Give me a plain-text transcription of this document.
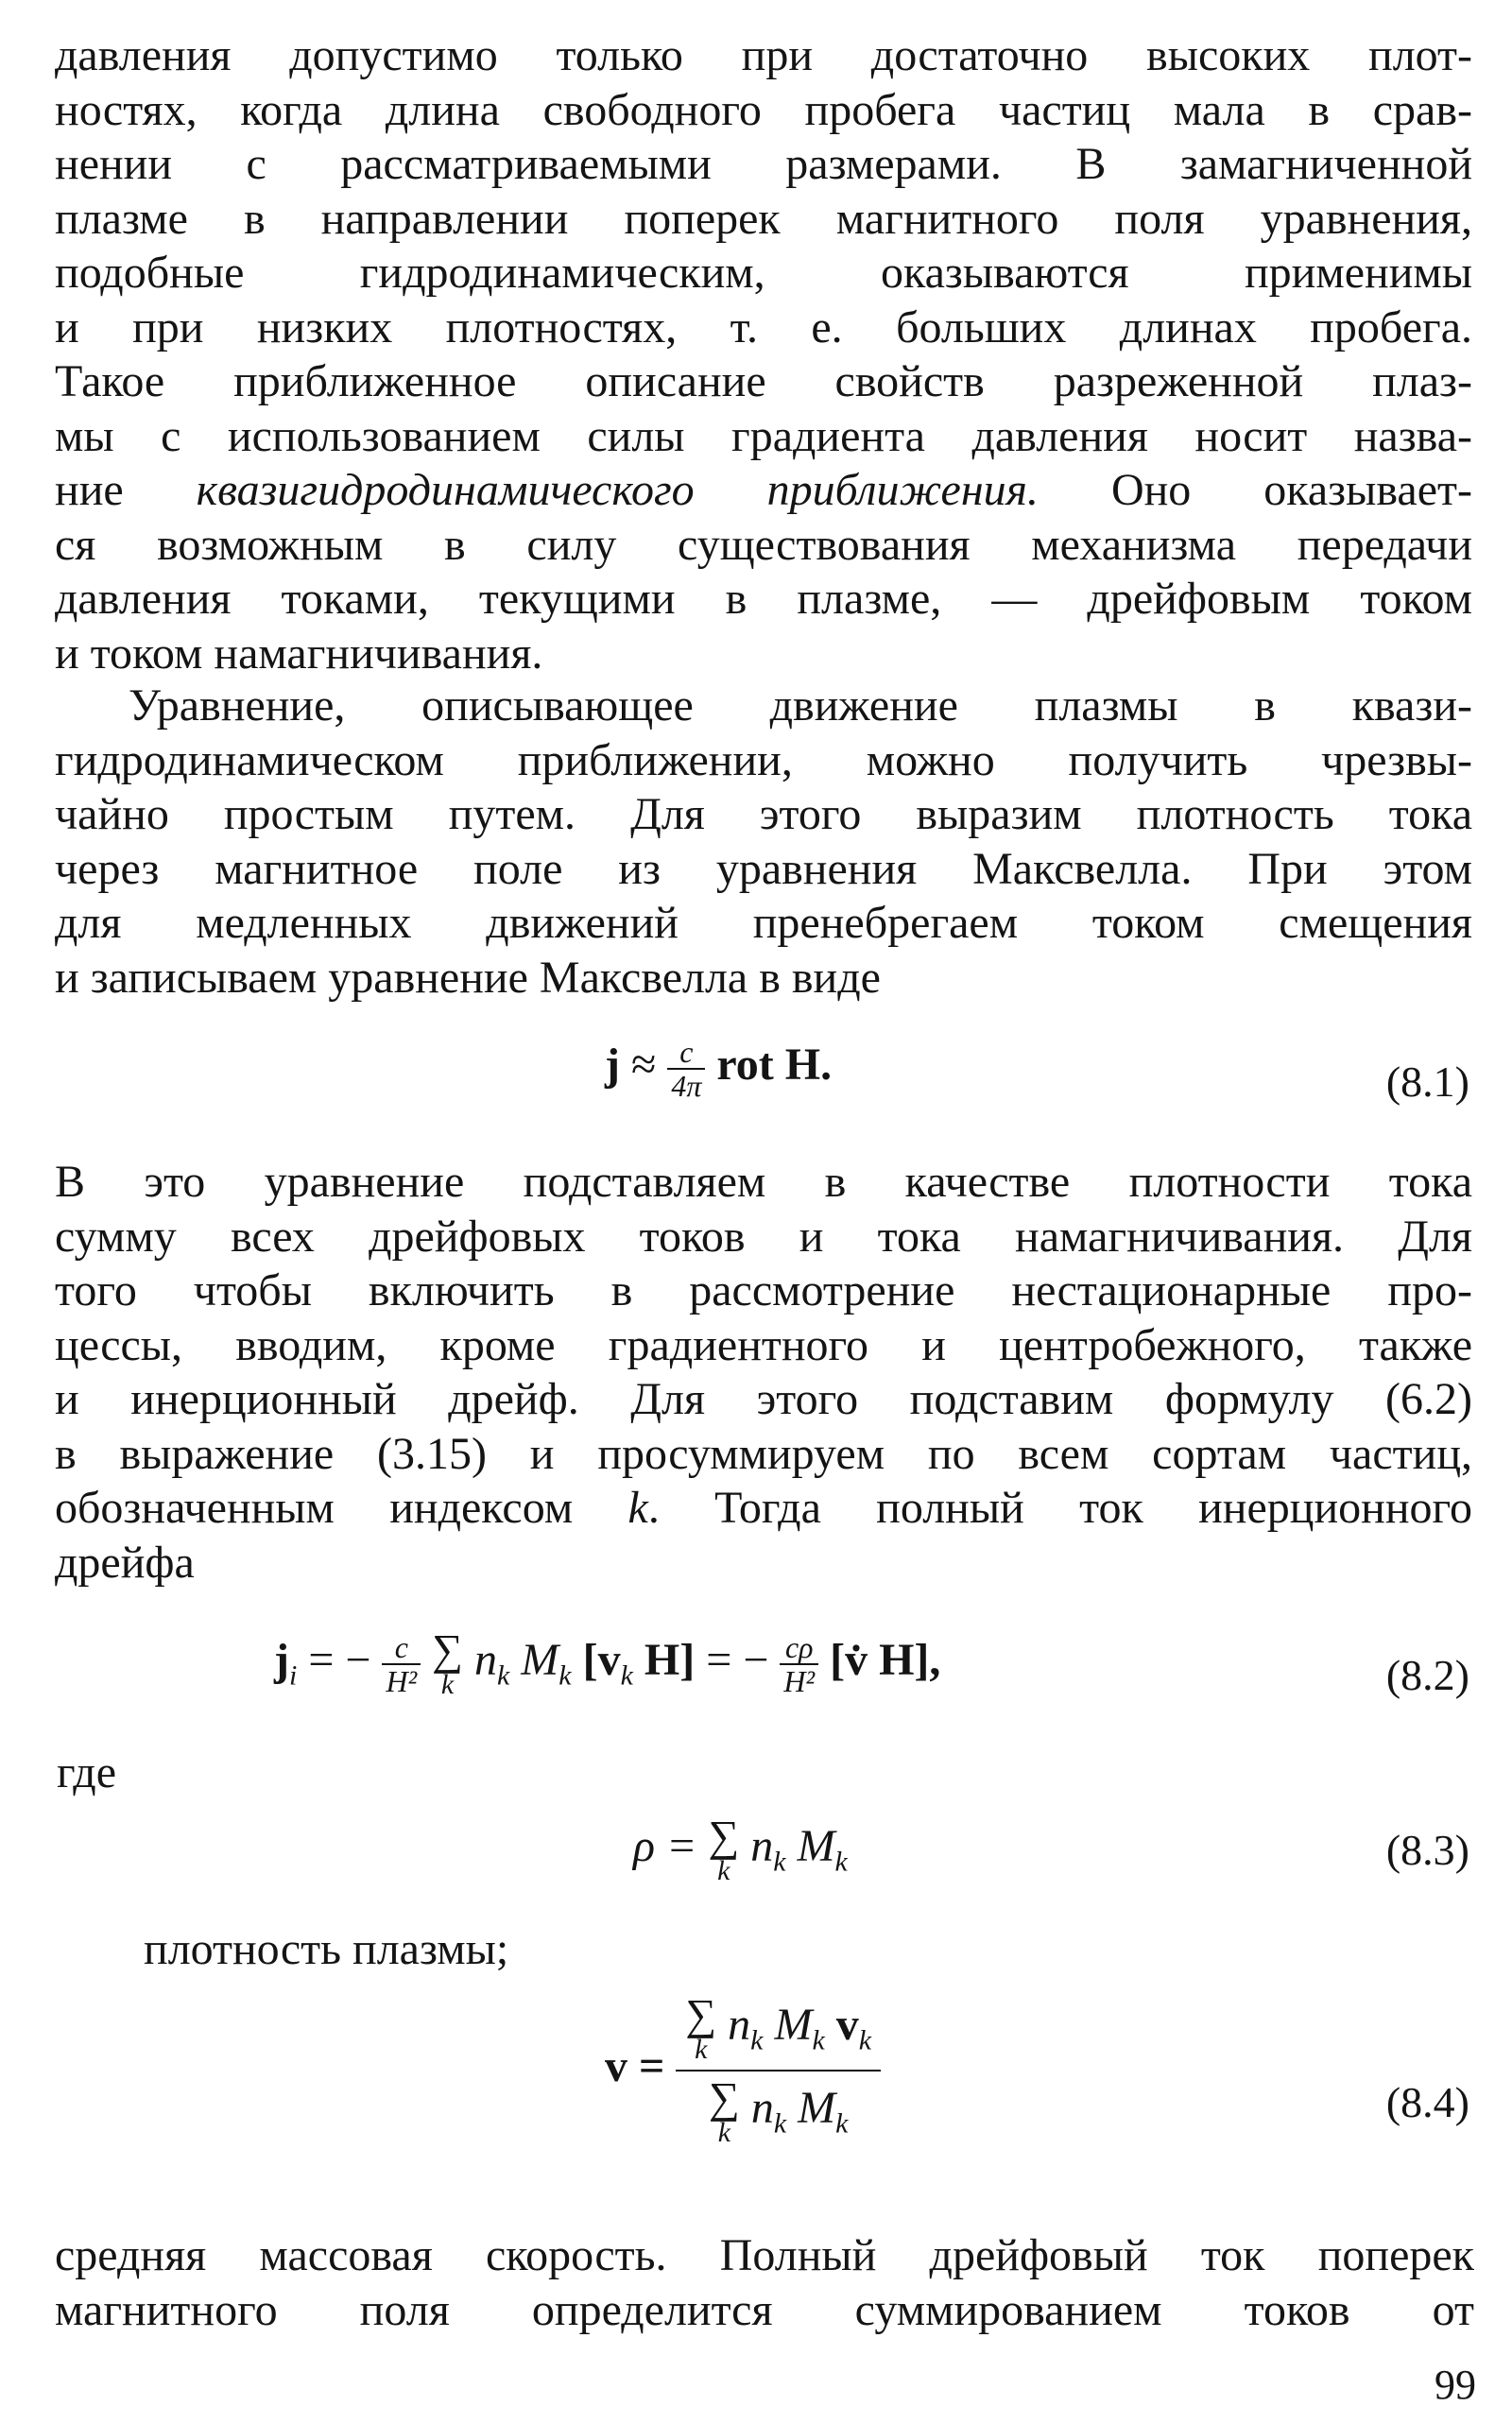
давления допустимо только при достаточно высоких плот-
ностях, когда длина свободного пробега частиц мала в срав-
нении с рассматриваемыми размерами. В замагниченной
плазме в направлении поперек магнитного поля уравнения,
подобные гидродинамическим, оказываются применимы
и при низких плотностях, т. е. больших длинах пробега.
Такое приближенное описание свойств разреженной плаз-
мы с использованием силы градиента давления носит назва-
ние квазигидродинамического приближения. Оно оказывает-
ся возможным в силу существования механизма передачи
давления токами, текущими в плазме, — дрейфовым током
и током намагничивания.
Уравнение, описывающее движение плазмы в квази-
гидродинамическом приближении, можно получить чрезвы-
чайно простым путем. Для этого выразим плотность тока
через магнитное поле из уравнения Максвелла. При этом
для медленных движений пренебрегаем током смещения
и записываем уравнение Максвелла в виде
$j \approx \frac{c}{4\pi}$ rot H.	(8.1)
В это уравнение подставляем в качестве плотности тока
сумму всех дрейфовых токов и тока намагничивания. Для
того чтобы включить в рассмотрение нестационарные про-
цессы, вводим, кроме градиентного и центробежного, также
и инерционный дрейф. Для этого подставим формулу (6.2)
в выражение (3.15) и просуммируем по всем сортам частиц,
обозначенным индексом k. Тогда полный ток инерционного
дрейфа
$j_i$ = − $\frac{c}{\text{H²}}$
∑
k $n_k$ $M_k$ [$v_k$ H] = − $\frac{c\rho}{\text{H²}}$ [v̇ H],	(8.2)
где
ρ = ∑
k $n_k$ $M_k$	(8.3)
плотность плазмы;
v =
∑
k $n_k$ $M_k$ $v_k$
∑
k $n_k$ $M_k$	(8.4)
средняя массовая скорость. Полный дрейфовый ток поперек
магнитного поля определится суммированием токов от
99
